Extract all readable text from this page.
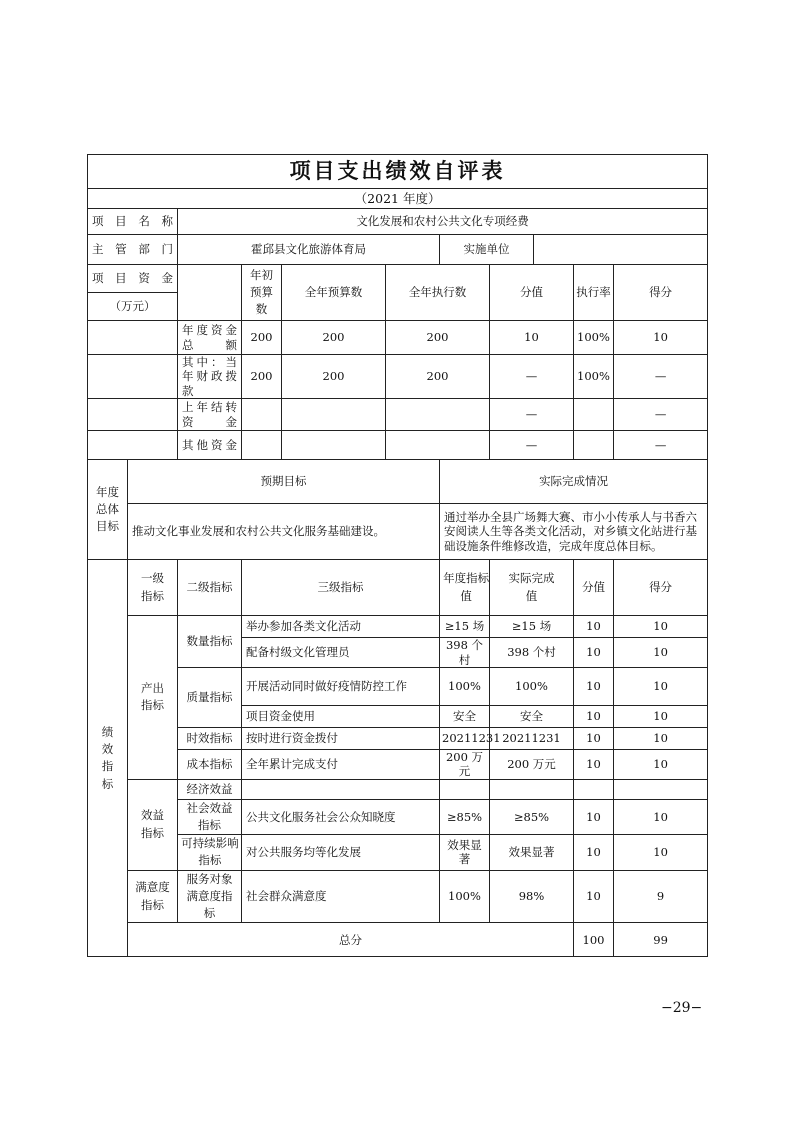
项目支出绩效自评表											
（2021 年度）											
项目名称		文化发展和农村公共文化专项经费									
主管部门		霍邱县文化旅游体育局				实施单位					
项目资金			年初预算数	全年预算数	全年执行数		分值		执行率	得分	
（万元）											
		年度资金总额	200	200	200		10		100%	10	
		其中：当年财政拨款	200	200	200		—		100%	—	
		上年结转资金					—			—	
		其他资金					—			—	
年度总体目标	预期目标					实际完成情况					
	推动文化事业发展和农村公共文化服务基础建设。					通过举办全县广场舞大赛、市小小传承人与书香六安阅读人生等各类文化活动，对乡镇文化站进行基础设施条件维修改造，完成年度总体目标。					
绩效指标	一级指标	二级指标	三级指标			年度指标值	实际完成值		分值	得分	
	产出指标	数量指标	举办参加各类文化活动			≥15 场	≥15 场		10	10	
			配备村级文化管理员			398 个村	398 个村		10	10	
		质量指标	开展活动同时做好疫情防控工作			100%	100%		10	10	
			项目资金使用			安全	安全		10	10	
		时效指标	按时进行资金拨付			20211231	20211231		10	10	
		成本指标	全年累计完成支付			200 万元	200 万元		10	10	
	效益指标	经济效益									
		社会效益指标	公共文化服务社会公众知晓度			≥85%	≥85%		10	10	
		可持续影响指标	对公共服务均等化发展			效果显著	效果显著		10	10	
	满意度指标	服务对象满意度指标	社会群众满意度			100%	98%		10	9	
	总分								100	99	
−29−
